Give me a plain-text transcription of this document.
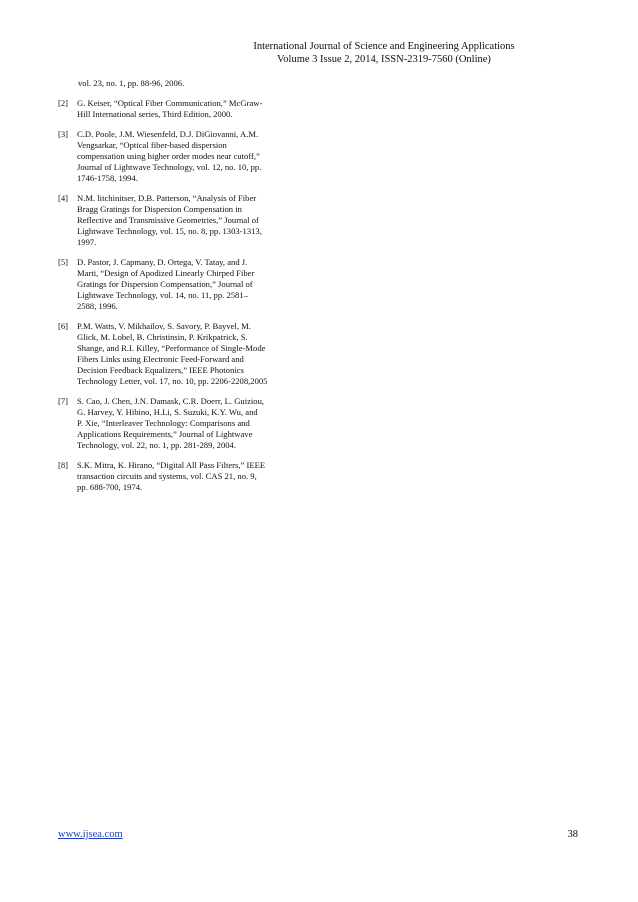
International Journal of Science and Engineering Applications
Volume 3 Issue 2, 2014, ISSN-2319-7560 (Online)
vol. 23, no. 1, pp. 88-96, 2006.
[2] G. Keiser, “Optical Fiber Communication,” McGraw-
Hill International series, Third Edition, 2000.
[3] C.D. Poole, J.M. Wiesenfeld, D.J. DiGiovanni, A.M.
Vengsarkar, “Optical fiber-based dispersion
compensation using higher order modes near cutoff,”
Journal of Lightwave Technology, vol. 12, no. 10, pp.
1746-1758, 1994.
[4] N.M. litchinitser, D.B. Patterson, “Analysis of Fiber
Bragg Gratings for Dispersion Compensation in
Reflective and Transmissive Geometries,” Journal of
Lightwave Technology, vol. 15, no. 8, pp. 1303-1313,
1997.
[5] D. Pastor, J. Capmany, D. Ortega, V. Tatay, and J.
Marti, “Design of Apodized Linearly Chirped Fiber
Gratings for Dispersion Compensation,” Journal of
Lightwave Technology, vol. 14, no. 11, pp. 2581–
2588, 1996.
[6] P.M. Watts, V. Mikhailov, S. Savory, P. Bayvel, M.
Glick, M. Lobel, B. Christinsin, P. Krikpatrick, S.
Shange, and R.I. Killey, “Performance of Single-Mode
Fibers Links using Electronic Feed-Forward and
Decision Feedback Equalizers,” IEEE Photonics
Technology Letter, vol. 17, no. 10, pp. 2206-2208,2005
[7] S. Cao, J. Chen, J.N. Damask, C.R. Doerr, L. Guiziou,
G. Harvey, Y. Hibino, H.Li, S. Suzuki, K.Y. Wu, and
P. Xie, “Interleaver Technology: Comparisons and
Applications Requirements,” Journal of Lightwave
Technology, vol. 22, no. 1, pp. 281-289, 2004.
[8] S.K. Mitra, K. Hirano, “Digital All Pass Filters,” IEEE
transaction circuits and systems, vol. CAS 21, no. 9,
pp. 688-700, 1974.
www.ijsea.com	38
